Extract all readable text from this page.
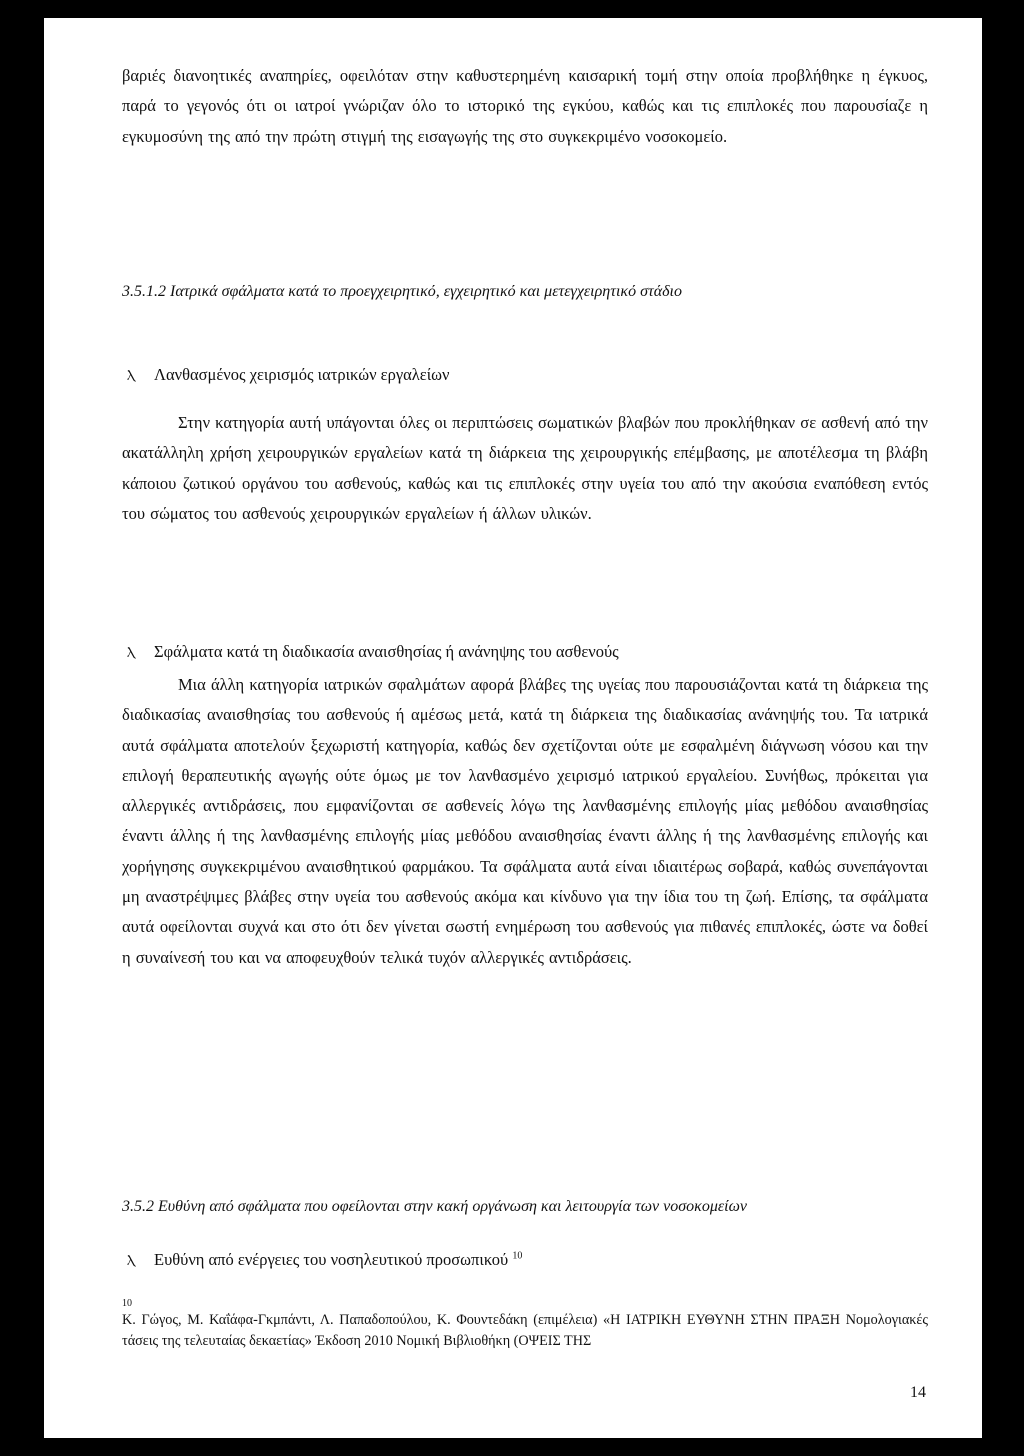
βαριές διανοητικές αναπηρίες, οφειλόταν στην καθυστερημένη καισαρική τομή στην οποία προβλήθηκε η έγκυος, παρά το γεγονός ότι οι ιατροί γνώριζαν όλο το ιστορικό της εγκύου, καθώς και τις επιπλοκές που παρουσίαζε η εγκυμοσύνη της από την πρώτη στιγμή της εισαγωγής της στο συγκεκριμένο νοσοκομείο.

3.5.1.2 Ιατρικά σφάλματα κατά το προεγχειρητικό, εγχειρητικό και μετεγχειρητικό στάδιο

Ⲗ	Λανθασμένος χειρισμός ιατρικών εργαλείων

Στην κατηγορία αυτή υπάγονται όλες οι περιπτώσεις σωματικών βλαβών που προκλήθηκαν σε ασθενή από την ακατάλληλη χρήση χειρουργικών εργαλείων κατά τη διάρκεια της χειρουργικής επέμβασης, με αποτέλεσμα τη βλάβη κάποιου ζωτικού οργάνου του ασθενούς, καθώς και τις επιπλοκές στην υγεία του από την ακούσια εναπόθεση εντός του σώματος του ασθενούς χειρουργικών εργαλείων ή άλλων υλικών.

Ⲗ	Σφάλματα κατά τη διαδικασία αναισθησίας ή ανάνηψης του ασθενούς

Μια άλλη κατηγορία ιατρικών σφαλμάτων αφορά βλάβες της υγείας που παρουσιάζονται κατά τη διάρκεια της διαδικασίας αναισθησίας του ασθενούς ή αμέσως μετά, κατά τη διάρκεια της διαδικασίας ανάνηψής του. Τα ιατρικά αυτά σφάλματα αποτελούν ξεχωριστή κατηγορία, καθώς δεν σχετίζονται ούτε με εσφαλμένη διάγνωση νόσου και την επιλογή θεραπευτικής αγωγής ούτε όμως με τον λανθασμένο χειρισμό ιατρικού εργαλείου. Συνήθως, πρόκειται για αλλεργικές αντιδράσεις, που εμφανίζονται σε ασθενείς λόγω της λανθασμένης επιλογής μίας μεθόδου αναισθησίας έναντι άλλης ή της λανθασμένης επιλογής μίας μεθόδου αναισθησίας έναντι άλλης ή της λανθασμένης επιλογής και χορήγησης συγκεκριμένου αναισθητικού φαρμάκου. Τα σφάλματα αυτά είναι ιδιαιτέρως σοβαρά, καθώς συνεπάγονται μη αναστρέψιμες βλάβες στην υγεία του ασθενούς ακόμα και κίνδυνο για την ίδια του τη ζωή. Επίσης, τα σφάλματα αυτά οφείλονται συχνά και στο ότι δεν γίνεται σωστή ενημέρωση του ασθενούς για πιθανές επιπλοκές, ώστε να δοθεί η συναίνεσή του και να αποφευχθούν τελικά τυχόν αλλεργικές αντιδράσεις.

3.5.2 Ευθύνη από σφάλματα που οφείλονται στην κακή οργάνωση και λειτουργία των νοσοκομείων

Ⲗ	Ευθύνη από ενέργειες του νοσηλευτικού προσωπικού $^{10}$
10

Κ. Γώγος, Μ. Καΐάφα-Γκμπάντι, Λ. Παπαδοπούλου, Κ. Φουντεδάκη (επιμέλεια) «Η ΙΑΤΡΙΚΗ ΕΥΘΥΝΗ ΣΤΗΝ ΠΡΑΞΗ Νομολογιακές τάσεις της τελευταίας δεκαετίας» Έκδοση 2010 Νομική Βιβλιοθήκη (ΟΨΕΙΣ ΤΗΣ

14
